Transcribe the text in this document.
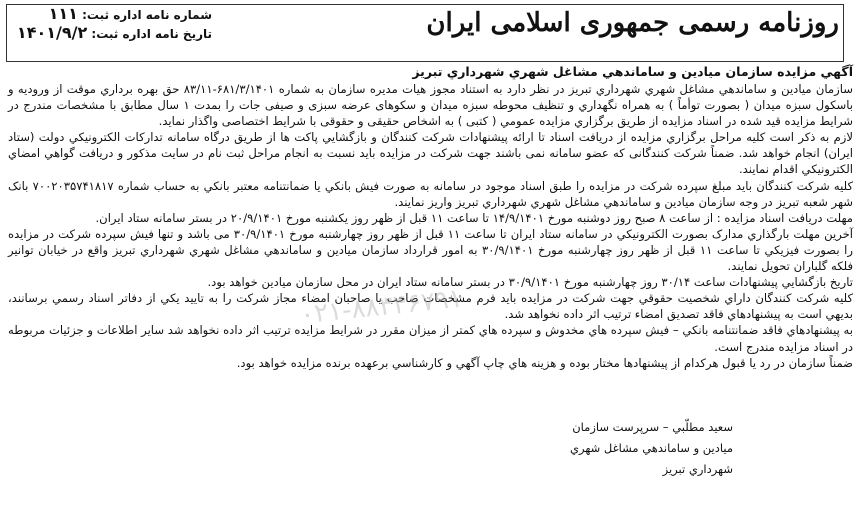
روزنامه رسمی جمهوری اسلامی ایران
شماره نامه اداره ثبت: ۱۱۱
تاریخ نامه اداره ثبت: ۱۴۰۱/۹/۲
آگهي مزايده سازمان ميادين و ساماندهي مشاغل شهري شهرداري تبريز

سازمان ميادين و ساماندهي مشاغل شهري شهرداري تبريز در نظر دارد به استناد مجوز هيات مديره سازمان به شماره ۶۸۱/۳/۱۴۰۱-۸۳/۱۱ حق بهره برداري موقت از ورودیه و باسکول سبزه میدان ( بصورت توأماً ) به همراه نگهداري و تنظیف محوطه سبزه میدان و سکوهای عرضه سبزی و صیفی جات را بمدت ۱ سال مطابق با مشخصات مندرج در شرایط مزایده قید شده در اسناد مزایده از طريق برگزاري مزايده عمومي ( کتبی ) به اشخاص حقیقی و حقوقی با شرایط اختصاصی واگذار نماید.

لازم به ذکر است کليه مراحل برگزاري مزايده از دريافت اسناد تا ارائه پيشنهادات شرکت کنندگان و بازگشايي پاکت ها از طريق درگاه سامانه تدارکات الکترونيکي دولت (ستاد ايران) انجام خواهد شد. ضمناً شرکت کنندگانی که عضو سامانه نمی باشند جهت شرکت در مزایده باید نسبت به انجام مراحل ثبت نام در سایت مذکور و دريافت گواهي امضاي الکترونيکي اقدام نمايند.

کليه شرکت کنندگان بايد مبلغ سپرده شرکت در مزايده را طبق اسناد موجود در سامانه به صورت فيش بانکي يا ضمانتنامه معتبر بانکي به حساب شماره ۷۰۰۲۰۳۵۷۴۱۸۱۷ بانک شهر شعبه تبريز در وجه سازمان ميادين و ساماندهي مشاغل شهري شهرداري تبريز واريز نمايند.

مهلت دريافت اسناد مزايده : از ساعت ۸ صبح روز دوشنبه مورخ ۱۴/۹/۱۴۰۱ تا ساعت ۱۱ قبل از ظهر روز یکشنبه مورخ ۲۰/۹/۱۴۰۱ در بستر سامانه ستاد ايران.

آخرين مهلت بارگذاري مدارک بصورت الکترونيکي در سامانه ستاد ايران تا ساعت ۱۱ قبل از ظهر روز چهارشنبه مورخ ۳۰/۹/۱۴۰۱ می باشد و تنها فیش سپرده شرکت در مزايده را بصورت فيزيکي تا ساعت ۱۱ قبل از ظهر روز چهارشنبه مورخ ۳۰/۹/۱۴۰۱ به امور قرارداد سازمان ميادين و ساماندهي مشاغل شهري شهرداري تبريز واقع در خيابان توانير فلکه گلباران تحويل نمايند.

تاريخ بازگشايي پيشنهادات ساعت ۳۰/۱۴ روز چهارشنبه مورخ ۳۰/۹/۱۴۰۱ در بستر سامانه ستاد ايران در محل سازمان ميادين خواهد بود.

کلیه شرکت کنندگان داراي شخصيت حقوقي جهت شرکت در مزايده بايد فرم مشخصات صاحب يا صاحبان امضاء مجاز شرکت را به تاييد يکي از دفاتر اسناد رسمي برسانند، بديهي است به پيشنهادهاي فاقد تصديق امضاء ترتيب اثر داده نخواهد شد.

به پيشنهادهاي فاقد ضمانتنامه بانکي – فيش سپرده هاي مخدوش و سپرده هاي کمتر از ميزان مقرر در شرايط مزايده ترتيب اثر داده نخواهد شد ساير اطلاعات و جزئيات مربوطه در اسناد مزايده مندرج است.

ضمناً سازمان در رد يا قبول هرکدام از پيشنهادها مختار بوده و هزينه هاي چاپ آگهي و کارشناسي برعهده برنده مزايده خواهد بود.

۰۲۱-۸۸۳۴۶۷۹۱
سعيد مطلّبي – سرپرست سازمان
ميادين و ساماندهي مشاغل شهري
شهرداري تبريز
